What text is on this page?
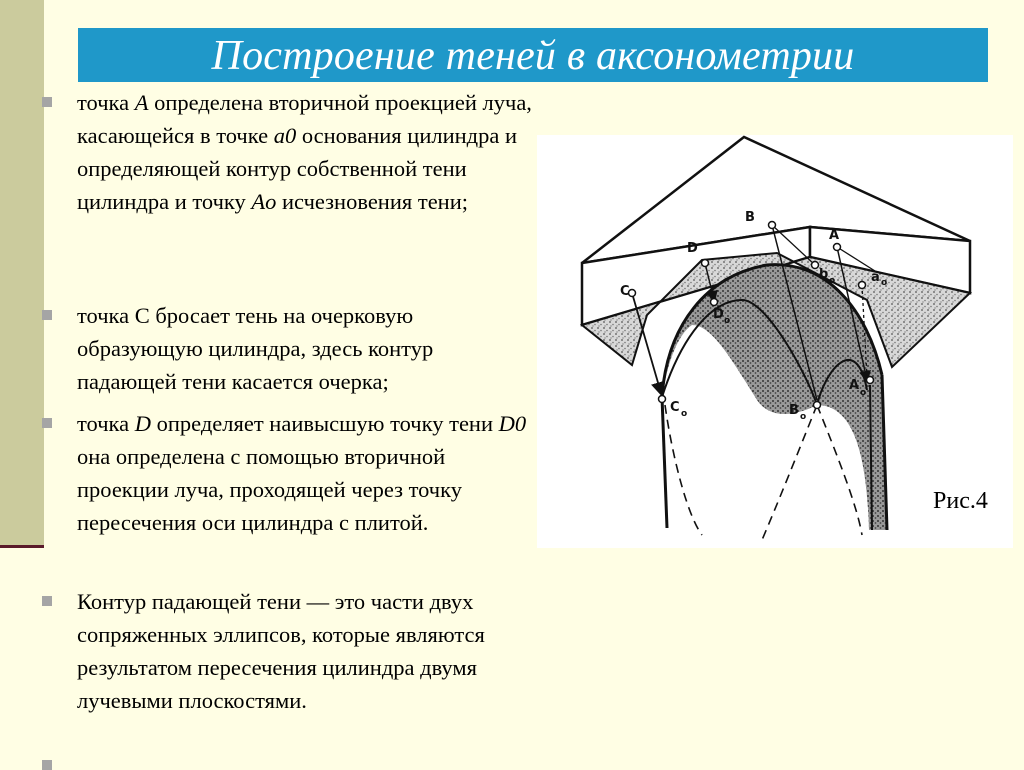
Построение теней в аксонометрии
точка A определена вторичной проекцией луча, касающейся в точке a0 основания цилиндра и определяющей контур собственной тени цилиндра и точку Ao исчезновения тени;
точка С бросает тень на очерковую образующую цилиндра, здесь контур падающей тени касается очерка;
точка D определяет наивысшую точку тени D0 она определена с помощью вторичной проекции луча, проходящей через точку пересечения оси цилиндра с плитой.
Контур падающей тени — это части двух сопряженных эллипсов, которые являются результатом пересечения цилиндра двумя лучевыми плоскостями.
B
D
A
C
b o	a o
D o
C o	B o
A o
Рис.4
